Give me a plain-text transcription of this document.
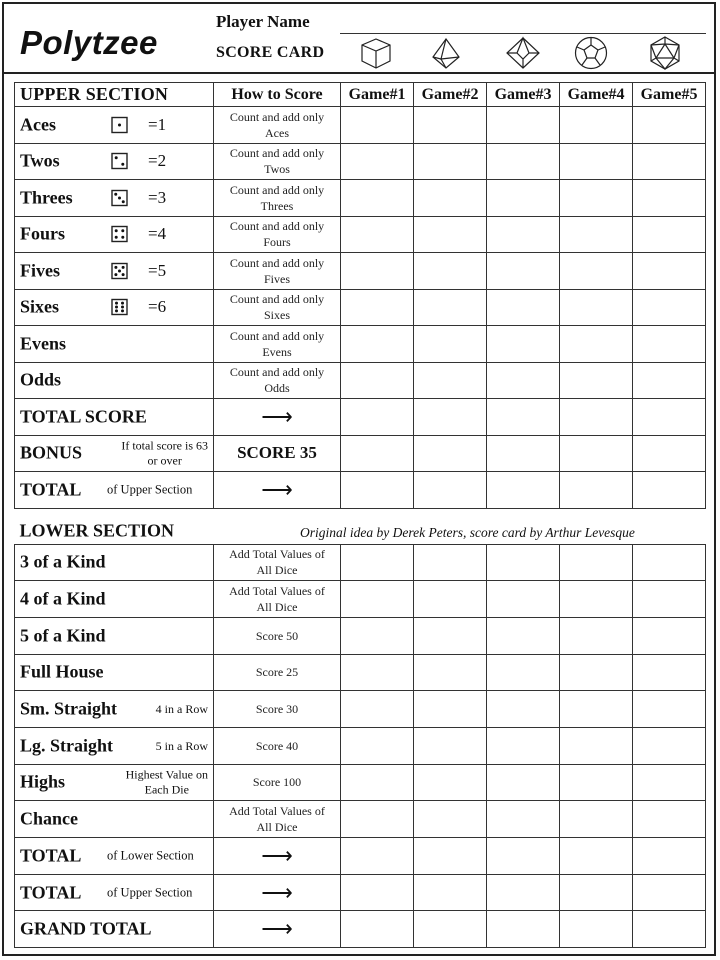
Polytzee
Player Name
SCORE CARD
UPPER SECTION	How to Score	Game#1	Game#2	Game#3	Game#4	Game#5

Aces =1	Count and add only
Aces					

Twos =2	Count and add only
Twos					

Threes =3	Count and add only
Threes					

Fours =4	Count and add only
Fours					

Fives =5	Count and add only
Fives					

Sixes =6	Count and add only
Sixes					

Evens	Count and add only
Evens					

Odds	Count and add only
Odds					

TOTAL SCORE	⟶					

BONUS If total score is 63
or over	SCORE 35					

TOTAL of Upper Section	⟶					
Original idea by Derek Peters, score card by Arthur Levesque
LOWER SECTION						

3 of a Kind	Add Total Values of
All Dice					

4 of a Kind	Add Total Values of
All Dice					

5 of a Kind	Score 50					

Full House	Score 25					

Sm. Straight 4 in a Row	Score 30					

Lg. Straight 5 in a Row	Score 40					

Highs Highest Value on
Each Die	Score 100					

Chance	Add Total Values of
All Dice					

TOTAL of Lower Section	⟶					

TOTAL of Upper Section	⟶					

GRAND TOTAL	⟶					
